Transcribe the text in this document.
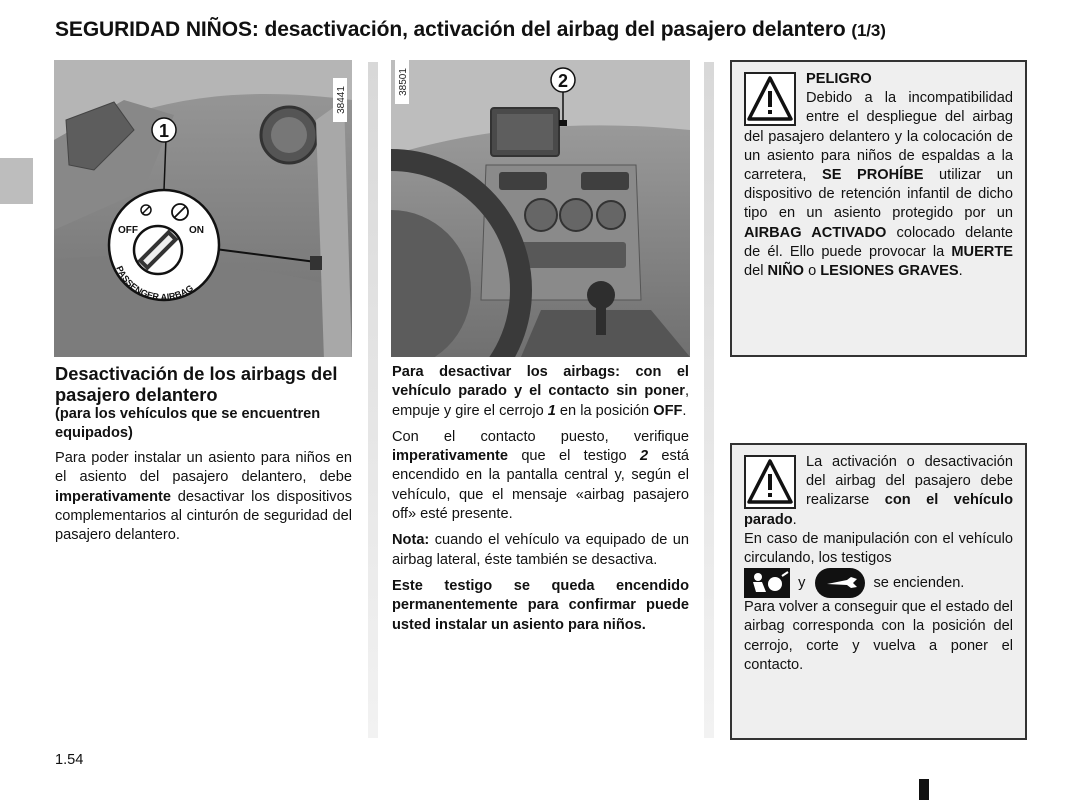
SEGURIDAD NIÑOS: desactivación, activación del airbag del pasajero delantero (1/3)
OFF	ON
PASSENGER AIRBAG
1
38441
2
38501
Desactivación de los airbags del pasajero delantero
(para los vehículos que se encuentren equipados)

Para poder instalar un asiento para niños en el asiento del pasajero delantero, debe imperativamente desactivar los dispositivos complementarios al cinturón de seguridad del pasajero delantero.

Para desactivar los airbags: con el vehículo parado y el contacto sin poner, empuje y gire el cerrojo 1 en la posición OFF.

Con el contacto puesto, verifique imperativamente que el testigo 2 está encendido en la pantalla central y, según el vehículo, que el mensaje «airbag pasajero off» esté presente.

Nota: cuando el vehículo va equipado de un airbag lateral, éste también se desactiva.

Este testigo se queda encendido permanentemente para confirmar puede usted instalar un asiento para niños.

PELIGRO
Debido a la incompatibilidad entre el despliegue del airbag del pasajero delantero y la colocación de un asiento para niños de espaldas a la carretera, SE PROHÍBE utilizar un dispositivo de retención infantil de dicho tipo en un asiento protegido por un AIRBAG ACTIVADO colocado delante de él. Ello puede provocar la MUERTE del NIÑO o LESIONES GRAVES.

La activación o desactivación del airbag del pasajero debe realizarse con el vehículo parado.

En caso de manipulación con el vehículo circulando, los testigos

y	se encienden.

Para volver a conseguir que el estado del airbag corresponda con la posición del cerrojo, corte y vuelva a poner el contacto.

1.54
